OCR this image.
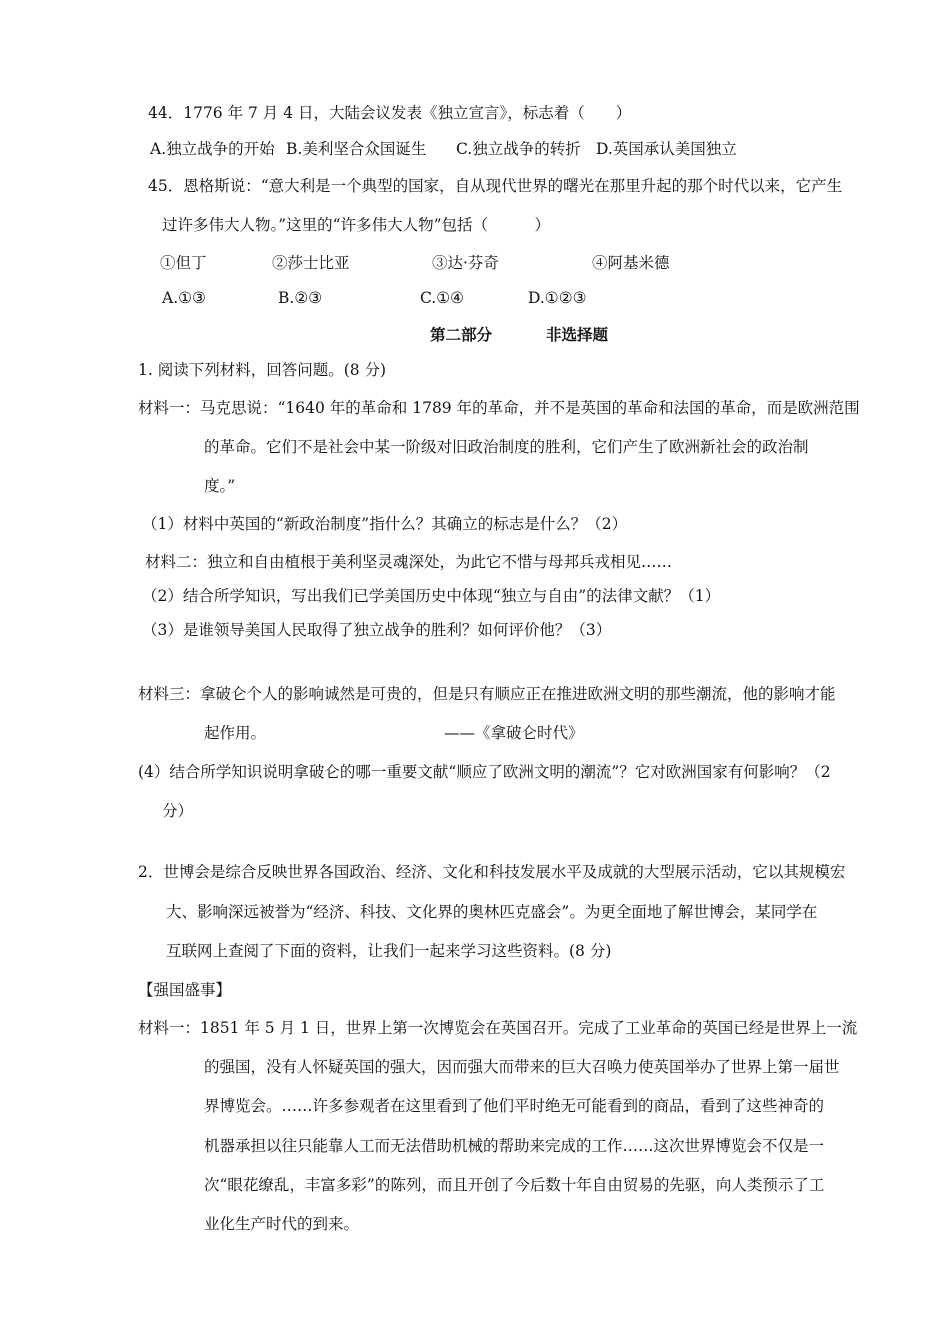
44．1776 年 7 月 4 日，大陆会议发表《独立宣言》，标志着（　　）
A.独立战争的开始 B.美利坚合众国诞生 C.独立战争的转折 D.英国承认美国独立
45．恩格斯说：“意大利是一个典型的国家，自从现代世界的曙光在那里升起的那个时代以来，它产生
过许多伟大人物。”这里的“许多伟大人物”包括（　　　）
①但丁	②莎士比亚	③达·芬奇	④阿基米德
A.①③	B.②③	C.①④	D.①②③
第二部分	非选择题
1. 阅读下列材料，回答问题。(8 分)
材料一：马克思说：“1640 年的革命和 1789 年的革命，并不是英国的革命和法国的革命，而是欧洲范围
的革命。它们不是社会中某一阶级对旧政治制度的胜利，它们产生了欧洲新社会的政治制
度。”
（1）材料中英国的“新政治制度”指什么？其确立的标志是什么？（2）
材料二：独立和自由植根于美利坚灵魂深处，为此它不惜与母邦兵戎相见……
（2）结合所学知识，写出我们已学美国历史中体现“独立与自由”的法律文献？（1）
（3）是谁领导美国人民取得了独立战争的胜利？如何评价他？（3）
材料三：拿破仑个人的影响诚然是可贵的，但是只有顺应正在推进欧洲文明的那些潮流，他的影响才能
起作用。	——《拿破仑时代》
(4）结合所学知识说明拿破仑的哪一重要文献“顺应了欧洲文明的潮流”？它对欧洲国家有何影响？（2
分）
2．世博会是综合反映世界各国政治、经济、文化和科技发展水平及成就的大型展示活动，它以其规模宏
大、影响深远被誉为“经济、科技、文化界的奥林匹克盛会”。为更全面地了解世博会，某同学在
互联网上查阅了下面的资料，让我们一起来学习这些资料。(8 分)
【强国盛事】
材料一：1851 年 5 月 1 日，世界上第一次博览会在英国召开。完成了工业革命的英国已经是世界上一流
的强国，没有人怀疑英国的强大，因而强大而带来的巨大召唤力使英国举办了世界上第一届世
界博览会。……许多参观者在这里看到了他们平时绝无可能看到的商品，看到了这些神奇的
机器承担以往只能靠人工而无法借助机械的帮助来完成的工作……这次世界博览会不仅是一
次“眼花缭乱，丰富多彩”的陈列，而且开创了今后数十年自由贸易的先驱，向人类预示了工
业化生产时代的到来。
